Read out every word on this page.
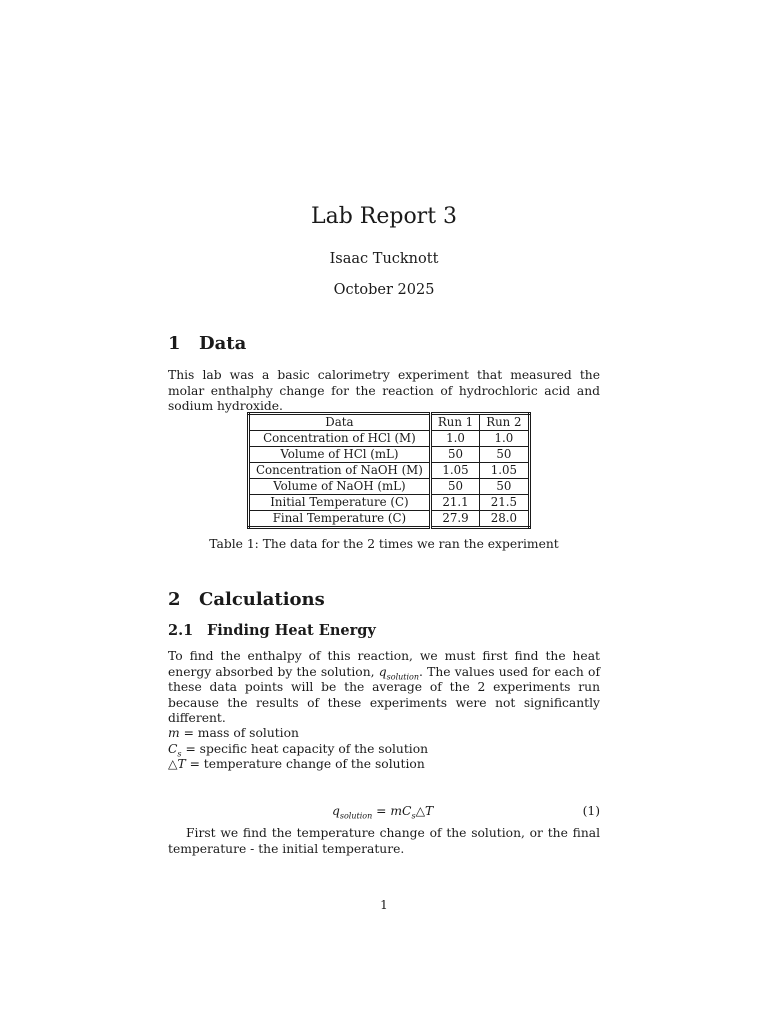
Lab Report 3
Isaac Tucknott
October 2025
1 Data

This lab was a basic calorimetry experiment that measured the molar enthalphy change for the reaction of hydrochloric acid and sodium hydroxide.

Data	Run 1	Run 2
Concentration of HCl (M)	1.0	1.0
Volume of HCl (mL)	50	50
Concentration of NaOH (M)	1.05	1.05
Volume of NaOH (mL)	50	50
Initial Temperature (C)	21.1	21.5
Final Temperature (C)	27.9	28.0
Table 1: The data for the 2 times we ran the experiment
2 Calculations
2.1 Finding Heat Energy

To find the enthalpy of this reaction, we must first find the heat energy absorbed by the solution, $q_{solution}$. The values used for each of these data points will be the average of the 2 experiments run because the results of these experiments were not significantly different.

m = mass of solution
$C_s$ = specific heat capacity of the solution
△T = temperature change of the solution
$q_{solution}$ = $mC_s\triangle T$	(1)

First we find the temperature change of the solution, or the final temperature - the initial temperature.

1
